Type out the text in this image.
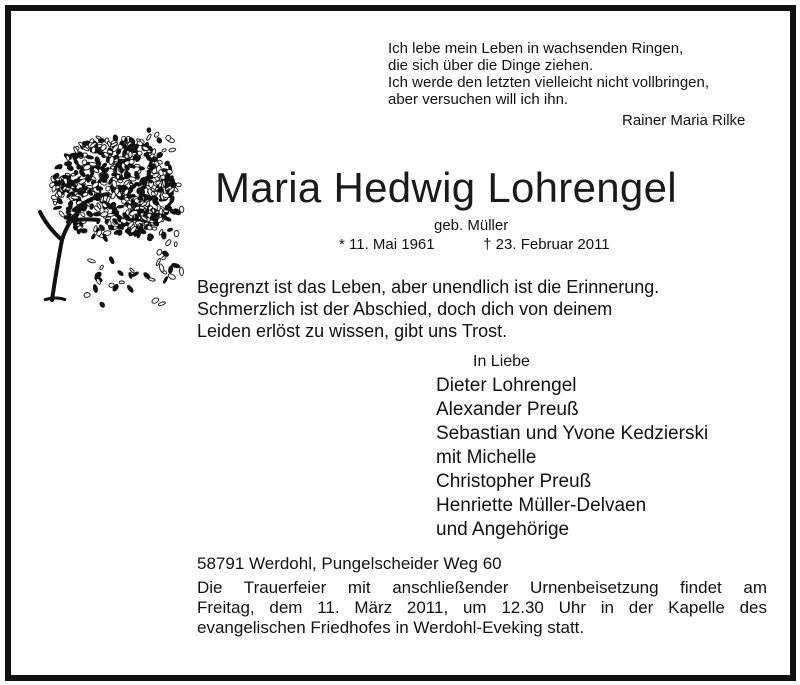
Ich lebe mein Leben in wachsenden Ringen,
die sich über die Dinge ziehen.
Ich werde den letzten vielleicht nicht vollbringen,
aber versuchen will ich ihn.
Rainer Maria Rilke
Maria Hedwig Lohrengel
geb. Müller
* 11. Mai 1961	† 23. Februar 2011
Begrenzt ist das Leben, aber unendlich ist die Erinnerung.
Schmerzlich ist der Abschied, doch dich von deinem
Leiden erlöst zu wissen, gibt uns Trost.
In Liebe
Dieter Lohrengel
Alexander Preuß
Sebastian und Yvone Kedzierski
mit Michelle
Christopher Preuß
Henriette Müller-Delvaen
und Angehörige
58791 Werdohl, Pungelscheider Weg 60
Die Trauerfeier mit anschließender Urnenbeisetzung findet am
Freitag, dem 11. März 2011, um 12.30 Uhr in der Kapelle des
evangelischen Friedhofes in Werdohl-Eveking statt.
